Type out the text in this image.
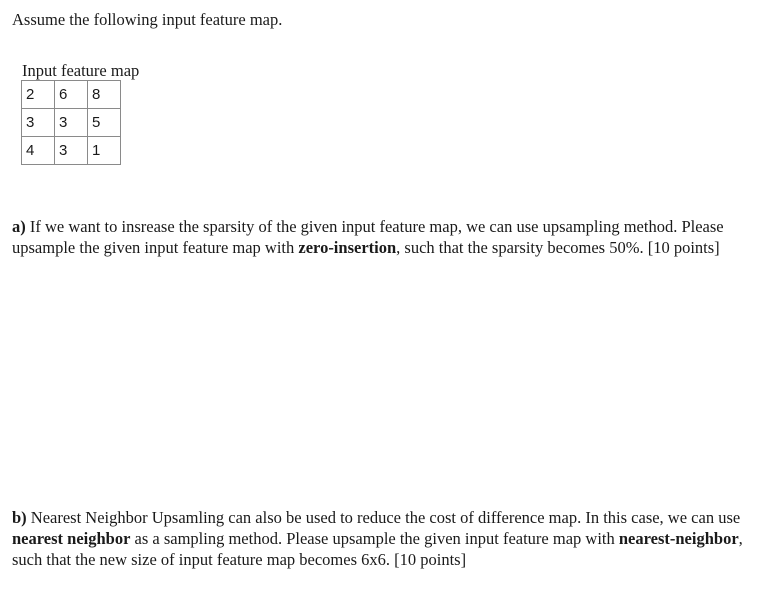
Assume the following input feature map.

Input feature map
2	6	8
3	3	5
4	3	1

a) If we want to insrease the sparsity of the given input feature map, we can use upsampling method. Please upsample the given input feature map with zero-insertion, such that the sparsity becomes 50%. [10 points]

b) Nearest Neighbor Upsamling can also be used to reduce the cost of difference map. In this case, we can use nearest neighbor as a sampling method. Please upsample the given input feature map with nearest-neighbor, such that the new size of input feature map becomes 6x6. [10 points]
